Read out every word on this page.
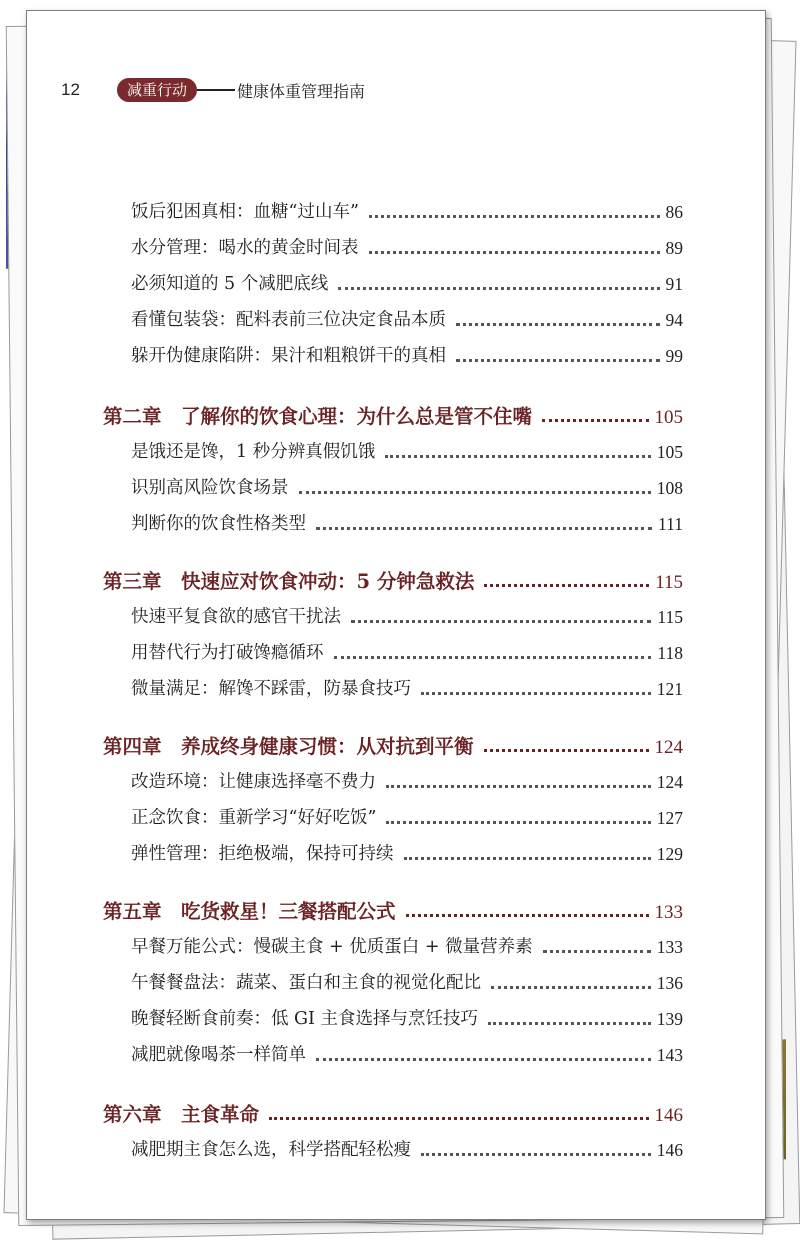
12	减重行动	健康体重管理指南
饭后犯困真相：血糖“过山车”	86
水分管理：喝水的黄金时间表	89
必须知道的 5 个减肥底线	91
看懂包装袋：配料表前三位决定食品本质	94
躲开伪健康陷阱：果汁和粗粮饼干的真相	99
第二章　了解你的饮食心理：为什么总是管不住嘴	105
是饿还是馋，1 秒分辨真假饥饿	105
识别高风险饮食场景	108
判断你的饮食性格类型	111
第三章　快速应对饮食冲动：5 分钟急救法	115
快速平复食欲的感官干扰法	115
用替代行为打破馋瘾循环	118
微量满足：解馋不踩雷，防暴食技巧	121
第四章　养成终身健康习惯：从对抗到平衡	124
改造环境：让健康选择毫不费力	124
正念饮食：重新学习“好好吃饭”	127
弹性管理：拒绝极端，保持可持续	129
第五章　吃货救星！三餐搭配公式	133
早餐万能公式：慢碳主食 + 优质蛋白 + 微量营养素	133
午餐餐盘法：蔬菜、蛋白和主食的视觉化配比	136
晚餐轻断食前奏：低 GI 主食选择与烹饪技巧	139
减肥就像喝茶一样简单	143
第六章　主食革命	146
减肥期主食怎么选，科学搭配轻松瘦	146
